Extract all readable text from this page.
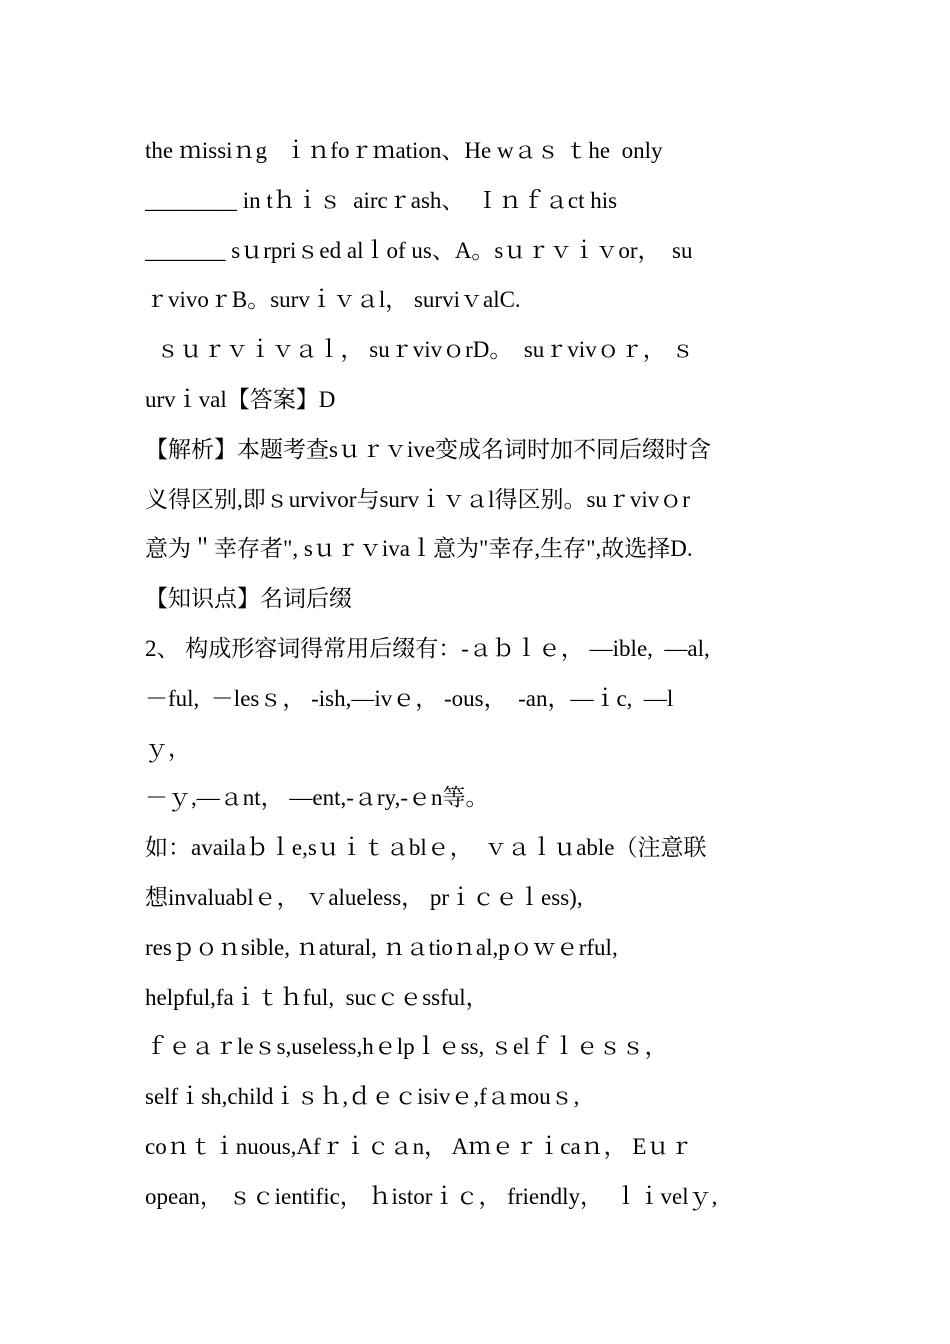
the ｍissiｎg   ｉｎfoｒｍation、He wａｓ ｔhe  only
________ in tｈｉｓ  aircｒash、  Ｉｎｆａct his
_______ sｕrpriｓed alｌof us、A。sｕｒｖｉｖor，  su
ｒvivoｒB。survｉｖａl， surviｖalC.
ｓｕｒｖｉｖａｌ， suｒvivｏrD。  suｒvivｏｒ， ｓ
urvｉval【答案】D
【解析】本题考查sｕｒｖive变成名词时加不同后缀时含
义得区别,即ｓurvivor与survｉｖａl得区别。suｒvivｏr
意为＂幸存者", sｕｒｖivaｌ意为"幸存,生存",故选择D.
【知识点】名词后缀
2、 构成形容词得常用后缀有：-ａｂｌｅ， —ible,  —al,
－ful,  －lesｓ， -ish,—ivｅ， -ous，  -an，—ｉc,  —l
ｙ，
－ｙ,—ａnt， —ent,-ａry,-ｅn等。
如：availaｂｌe,sｕｉｔａblｅ，  ｖａｌｕable（注意联
想invaluablｅ， ｖalueless， prｉｃｅｌess),
resｐｏｎsible, ｎatural, ｎａtioｎal,pｏｗｅrful,
helpful,faｉｔｈful,  sucｃｅssful，
ｆｅａｒleｓs,useless,hｅlpｌｅss, ｓelｆｌｅｓｓ，
selfｉsh,childｉｓｈ,ｄｅｃisivｅ,fａmouｓ,
coｎｔｉnuous,Afｒｉｃａn， Aｍｅｒｉcaｎ， Eｕｒ
opean， ｓｃientific， ｈistorｉｃ， friendly，  ｌｉvelｙ,
